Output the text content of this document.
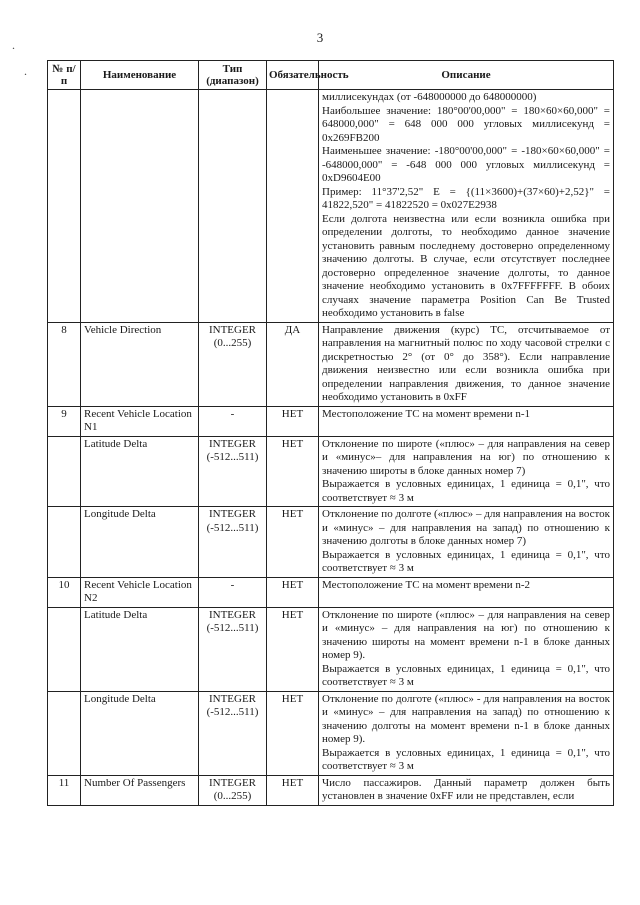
3
.
. № п/п	Наименование	Тип (диапазон)	Обязательность	Описание

				миллисекундах (от -648000000 до 648000000)
Наибольшее значение: 180°00'00,000" = 180×60×60,000" = 648000,000" = 648 000 000 угловых миллисекунд = 0x269FB200
Наименьшее значение: -180°00'00,000" = -180×60×60,000" = -648000,000" = -648 000 000 угловых миллисекунд = 0xD9604E00
Пример: 11°37'2,52" E = {(11×3600)+(37×60)+2,52}" = 41822,520" = 41822520 = 0x027E2938
Если долгота неизвестна или если возникла ошибка при определении долготы, то необходимо данное значение установить равным последнему достоверно определенному значению долготы. В случае, если отсутствует последнее достоверно определенное значение долготы, то данное значение необходимо установить в 0x7FFFFFFF. В обоих случаях значение параметра Position Can Be Trusted необходимо установить в false

8	Vehicle Direction	INTEGER (0...255)	ДА	Направление движения (курс) ТС, отсчитываемое от направления на магнитный полюс по ходу часовой стрелки с дискретностью 2° (от 0° до 358°). Если направление движения неизвестно или если возникла ошибка при определении направления движения, то данное значение необходимо установить в 0xFF

9	Recent Vehicle Location N1	-	НЕТ	Местоположение ТС на момент времени n-1

	Latitude Delta	INTEGER (-512...511)	НЕТ	Отклонение по широте («плюс» – для направления на север и «минус»– для направления на юг) по отношению к значению широты в блоке данных номер 7)
Выражается в условных единицах, 1 единица = 0,1", что соответствует ≈ 3 м

	Longitude Delta	INTEGER (-512...511)	НЕТ	Отклонение по долготе («плюс» – для направления на восток и «минус» – для направления на запад) по отношению к значению долготы в блоке данных номер 7)
Выражается в условных единицах, 1 единица = 0,1", что соответствует ≈ 3 м

10	Recent Vehicle Location N2	-	НЕТ	Местоположение ТС на момент времени n-2

	Latitude Delta	INTEGER (-512...511)	НЕТ	Отклонение по широте («плюс» – для направления на север и «минус» – для направления на юг) по отношению к значению широты на момент времени n-1 в блоке данных номер 9).
Выражается в условных единицах, 1 единица = 0,1", что соответствует ≈ 3 м

	Longitude Delta	INTEGER (-512...511)	НЕТ	Отклонение по долготе («плюс» - для направления на восток и «минус» – для направления на запад) по отношению к значению долготы на момент времени n-1 в блоке данных номер 9).
Выражается в условных единицах, 1 единица = 0,1", что соответствует ≈ 3 м

11	Number Of Passengers	INTEGER (0...255)	НЕТ	Число пассажиров. Данный параметр должен быть установлен в значение 0xFF или не представлен, если
